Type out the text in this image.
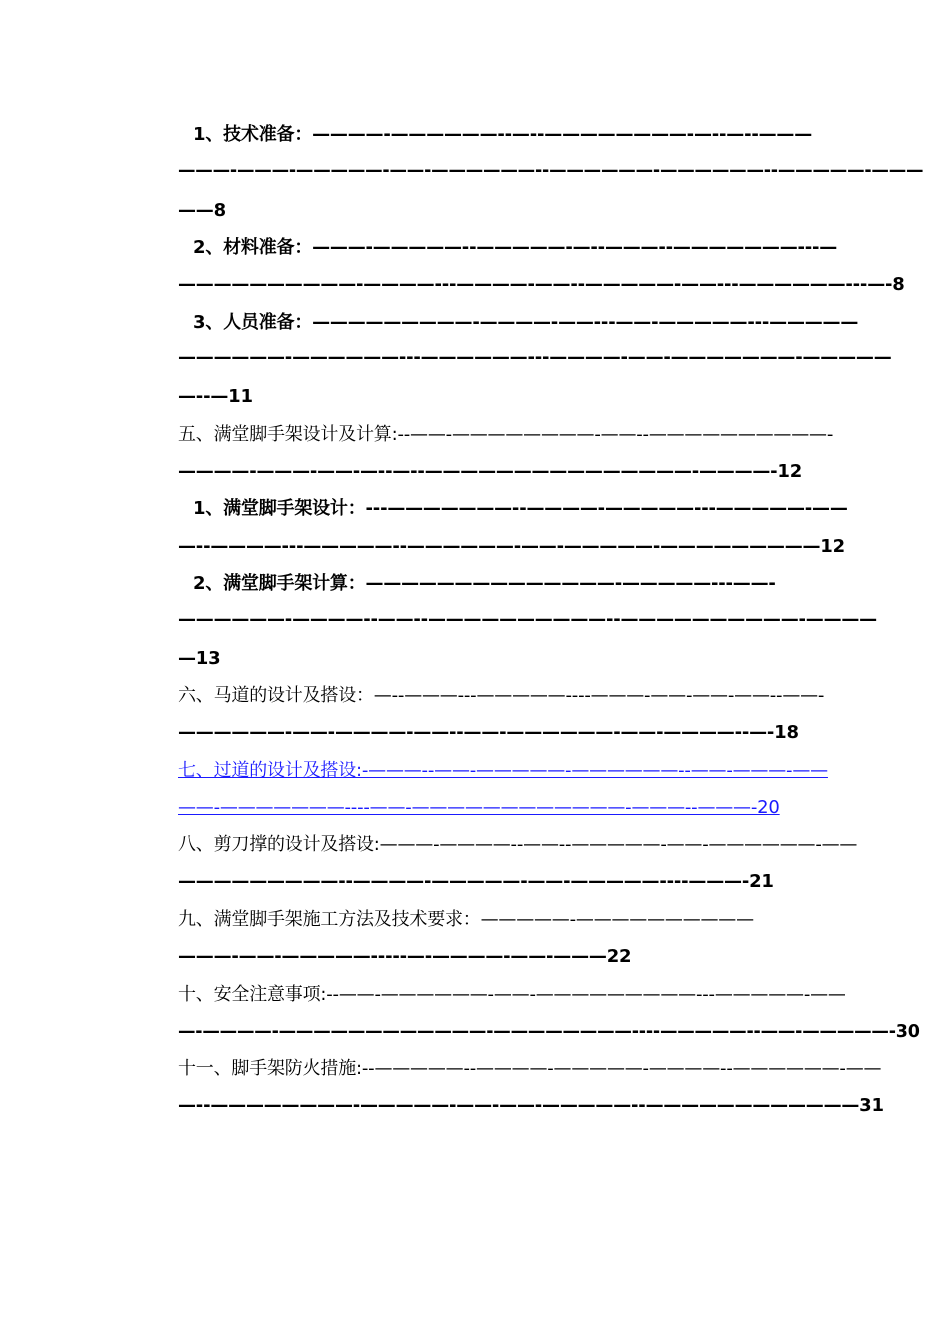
1、技术准备：————-——————--—--————————-—--—--———
———-———-—————-——-——————--——————-——————--—————-———
——8
2、材料准备：———-—————--—————-—--———--———————---—
——————————-————---————-——--—————-——---——————---—-8
3、人员准备：—————————-————-——---——-—————---—————
——————-——————---——————---————-——-———————-—————
—--—11
五、满堂脚手架设计及计算:--——-————————-——--——————————-
————-———-——-—--—--———————————————-————-12
1、满堂脚手架设计：---———————--————-—————---—————-——
—--————---—————--——————-——-—————-—————————12
2、满堂脚手架计算：——————————————-—————---——-
——————-————--——--——————————--——————————-————
—13
六、马道的设计及搭设：—--———---—————----———-——-——-——--——-
——————-——-————-——--——-——————-——-————--—-18
七、过道的设计及搭设:-———--——-—————-——————--——-———-——
——-———————----——-————————————-———--———-20
八、剪刀撑的设计及搭设:———-————--——--—————-——-——————-——
—————————--————-—————-——-—————----———-21
九、满堂脚手架施工方法及技术要求：—————-——————————
———-——-—————-----—-————-——-———22
十、安全注意事项:--——-——————-——-—————————---—————-——
—-————-————————————-————————----—————--——-—————-30
十一、脚手架防火措施:--—————--————-—————-————--——————-——
—--————————-—————-——-——-—————--————————————31
